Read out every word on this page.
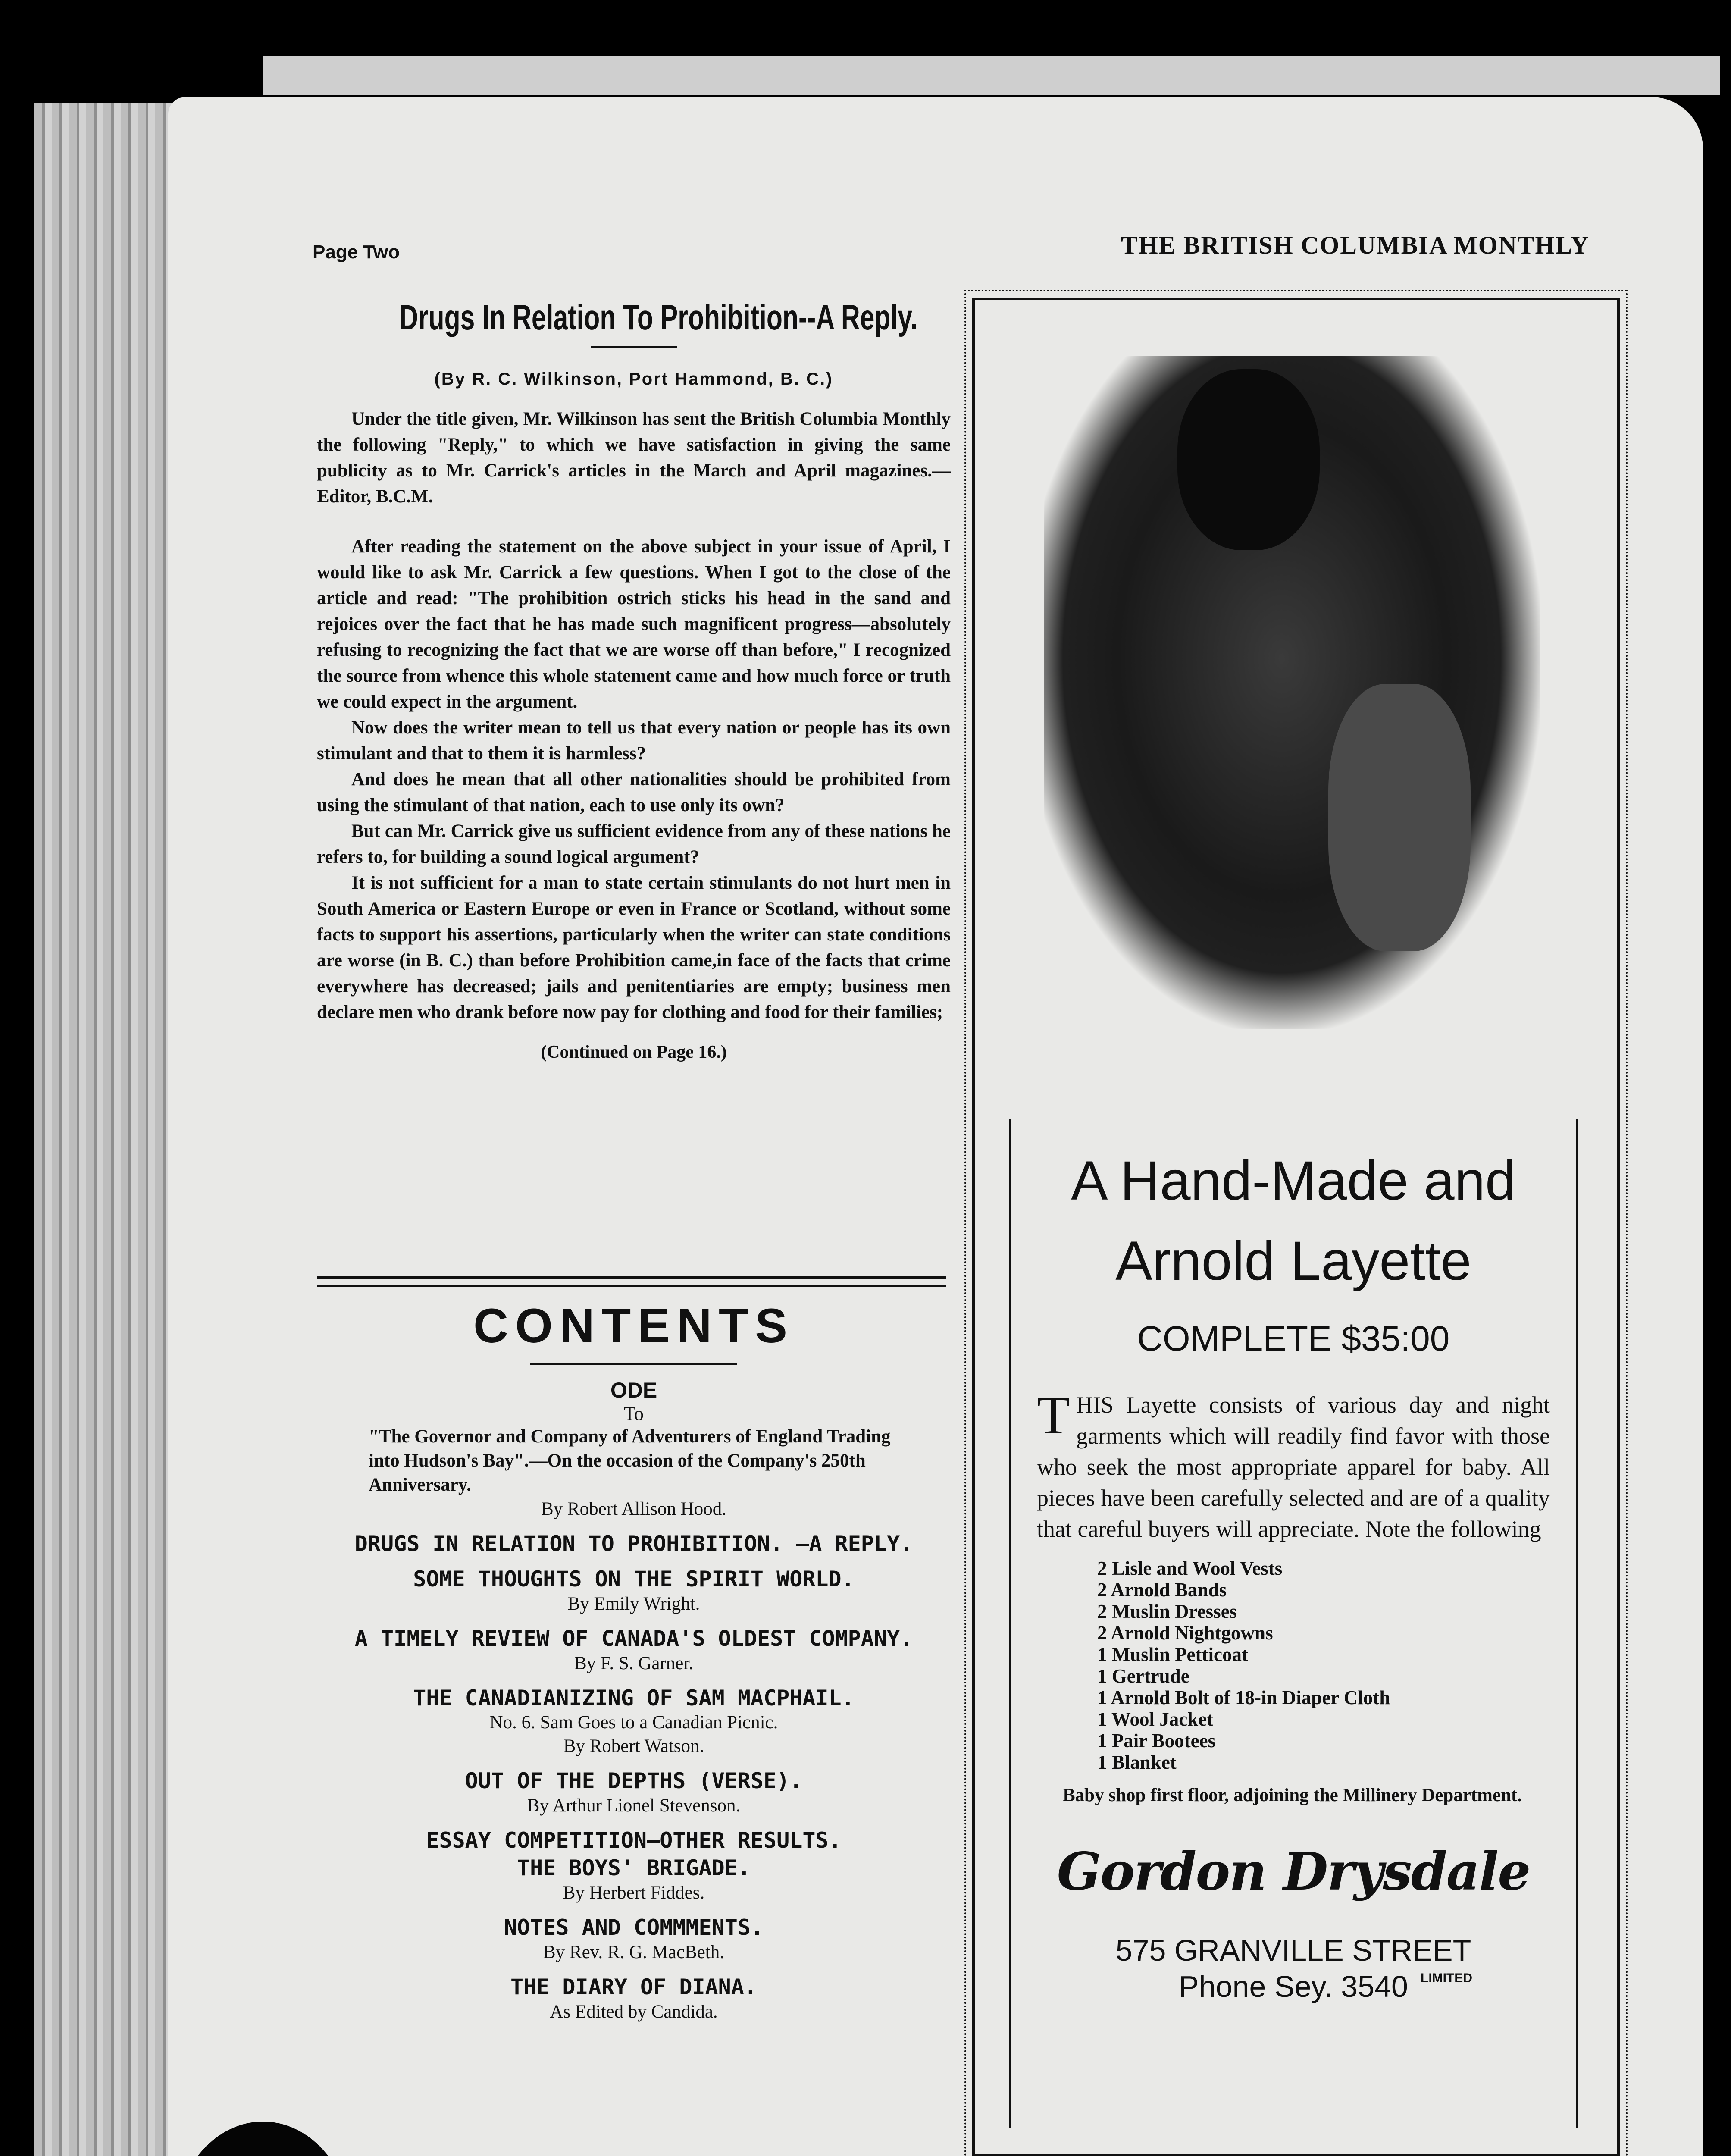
Page Two	THE BRITISH COLUMBIA MONTHLY
Drugs In Relation To Prohibition--A Reply.
(By R. C. Wilkinson, Port Hammond, B. C.)

Under the title given, Mr. Wilkinson has sent the British Columbia Monthly the following "Reply," to which we have satisfaction in giving the same publicity as to Mr. Carrick's articles in the March and April magazines.—Editor, B.C.M.

After reading the statement on the above subject in your issue of April, I would like to ask Mr. Carrick a few questions. When I got to the close of the article and read: "The prohibition ostrich sticks his head in the sand and rejoices over the fact that he has made such magnificent progress—absolutely refusing to recognizing the fact that we are worse off than before," I recognized the source from whence this whole statement came and how much force or truth we could expect in the argument.

Now does the writer mean to tell us that every nation or people has its own stimulant and that to them it is harmless?

And does he mean that all other nationalities should be prohibited from using the stimulant of that nation, each to use only its own?

But can Mr. Carrick give us sufficient evidence from any of these nations he refers to, for building a sound logical argument?

It is not sufficient for a man to state certain stimulants do not hurt men in South America or Eastern Europe or even in France or Scotland, without some facts to support his assertions, particularly when the writer can state conditions are worse (in B. C.) than before Prohibition came,in face of the facts that crime everywhere has decreased; jails and penitentiaries are empty; business men declare men who drank before now pay for clothing and food for their families;

(Continued on Page 16.)
CONTENTS
ODE
To
"The Governor and Company of Adventurers of England Trading into Hudson's Bay".—On the occasion of the Company's 250th Anniversary.
By Robert Allison Hood.
DRUGS IN RELATION TO PROHIBITION. —A REPLY.
SOME THOUGHTS ON THE SPIRIT WORLD.
By Emily Wright.
A TIMELY REVIEW OF CANADA'S OLDEST COMPANY.
By F. S. Garner.
THE CANADIANIZING OF SAM MACPHAIL.
No. 6. Sam Goes to a Canadian Picnic.
By Robert Watson.
OUT OF THE DEPTHS (VERSE).
By Arthur Lionel Stevenson.
ESSAY COMPETITION—OTHER RESULTS.
THE BOYS' BRIGADE.
By Herbert Fiddes.
NOTES AND COMMMENTS.
By Rev. R. G. MacBeth.
THE DIARY OF DIANA.
As Edited by Candida.
A Hand-Made and
Arnold Layette
COMPLETE $35:00
T HIS Layette consists of various day and night garments which will readily find favor with those who seek the most appropriate apparel for baby. All pieces have been carefully selected and are of a quality that careful buyers will appreciate. Note the following
2 Lisle and Wool Vests
2 Arnold Bands
2 Muslin Dresses
2 Arnold Nightgowns
1 Muslin Petticoat
1 Gertrude
1 Arnold Bolt of 18-in Diaper Cloth
1 Wool Jacket
1 Pair Bootees
1 Blanket
Baby shop first floor, adjoining the Millinery Department.
Gordon Drysdale
LIMITED
575 GRANVILLE STREET
Phone Sey. 3540
